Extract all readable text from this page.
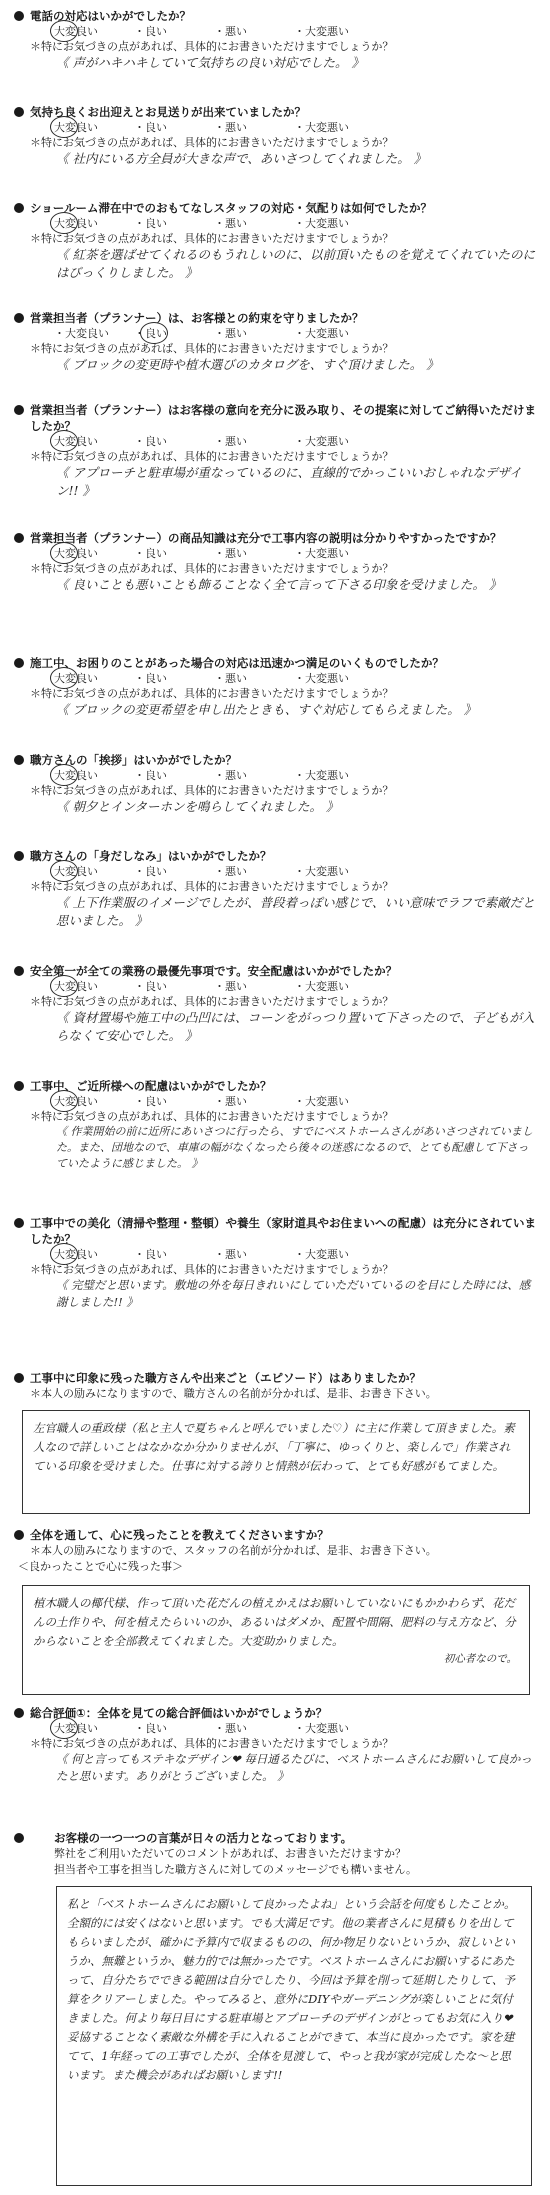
電話の対応はいかがでしたか？
大変良い	・良い	・悪い	・大変悪い
＊特にお気づきの点があれば、具体的にお書きいただけますでしょうか？
《 声がハキハキしていて気持ちの良い対応でした。 》
気持ち良くお出迎えとお見送りが出来ていましたか？
大変良い	・良い	・悪い	・大変悪い
＊特にお気づきの点があれば、具体的にお書きいただけますでしょうか？
《 社内にいる方全員が大きな声で、あいさつしてくれました。 》
ショールーム滞在中でのおもてなしスタッフの対応・気配りは如何でしたか？
大変良い	・良い	・悪い	・大変悪い
＊特にお気づきの点があれば、具体的にお書きいただけますでしょうか？
《 紅茶を選ばせてくれるのもうれしいのに、以前頂いたものを覚えてくれていたのにはびっくりしました。 》
営業担当者（プランナー）は、お客様との約束を守りましたか？
・大変良い	・良い	・悪い	・大変悪い
＊特にお気づきの点があれば、具体的にお書きいただけますでしょうか？
《 ブロックの変更時や植木選びのカタログを、すぐ頂けました。 》
営業担当者（プランナー）はお客様の意向を充分に汲み取り、その提案に対してご納得いただけましたか？
大変良い	・良い	・悪い	・大変悪い
＊特にお気づきの点があれば、具体的にお書きいただけますでしょうか？
《 アプローチと駐車場が重なっているのに、直線的でかっこいいおしゃれなデザイン!! 》
営業担当者（プランナー）の商品知識は充分で工事内容の説明は分かりやすかったですか？
大変良い	・良い	・悪い	・大変悪い
＊特にお気づきの点があれば、具体的にお書きいただけますでしょうか？
《 良いことも悪いことも飾ることなく全て言って下さる印象を受けました。 》
施工中、お困りのことがあった場合の対応は迅速かつ満足のいくものでしたか？
大変良い	・良い	・悪い	・大変悪い
＊特にお気づきの点があれば、具体的にお書きいただけますでしょうか？
《 ブロックの変更希望を申し出たときも、すぐ対応してもらえました。 》
職方さんの「挨拶」はいかがでしたか？
大変良い	・良い	・悪い	・大変悪い
＊特にお気づきの点があれば、具体的にお書きいただけますでしょうか？
《 朝夕とインターホンを鳴らしてくれました。 》
職方さんの「身だしなみ」はいかがでしたか？
大変良い	・良い	・悪い	・大変悪い
＊特にお気づきの点があれば、具体的にお書きいただけますでしょうか？
《 上下作業服のイメージでしたが、普段着っぽい感じで、いい意味でラフで素敵だと思いました。 》
安全第一が全ての業務の最優先事項です。安全配慮はいかがでしたか？
大変良い	・良い	・悪い	・大変悪い
＊特にお気づきの点があれば、具体的にお書きいただけますでしょうか？
《 資材置場や施工中の凸凹には、コーンをがっつり置いて下さったので、子どもが入らなくて安心でした。 》
工事中、ご近所様への配慮はいかがでしたか？
大変良い	・良い	・悪い	・大変悪い
＊特にお気づきの点があれば、具体的にお書きいただけますでしょうか？
《 作業開始の前に近所にあいさつに行ったら、すでにベストホームさんがあいさつされていました。また、団地なので、車庫の幅がなくなったら後々の迷惑になるので、とても配慮して下さっていたように感じました。 》
工事中での美化（清掃や整理・整頓）や養生（家財道具やお住まいへの配慮）は充分にされていましたか？
大変良い	・良い	・悪い	・大変悪い
＊特にお気づきの点があれば、具体的にお書きいただけますでしょうか？
《 完璧だと思います。敷地の外を毎日きれいにしていただいているのを目にした時には、感謝しました!! 》
工事中に印象に残った職方さんや出来ごと（エピソード）はありましたか？
＊本人の励みになりますので、職方さんの名前が分かれば、是非、お書き下さい。
左官職人の重政様（私と主人で夏ちゃんと呼んでいました♡）に主に作業して頂きました。素人なので詳しいことはなかなか分かりませんが、「丁寧に、ゆっくりと、楽しんで」作業されている印象を受けました。仕事に対する誇りと情熱が伝わって、とても好感がもてました。
全体を通して、心に残ったことを教えてくださいますか？
＊本人の励みになりますので、スタッフの名前が分かれば、是非、お書き下さい。
＜良かったことで心に残った事＞
植木職人の椰代様、作って頂いた花だんの植えかえはお願いしていないにもかかわらず、花だんの土作りや、何を植えたらいいのか、あるいはダメか、配置や間隔、肥料の与え方など、分からないことを全部教えてくれました。大変助かりました。
初心者なので。
総合評価①：全体を見ての総合評価はいかがでしょうか？
大変良い	・良い	・悪い	・大変悪い
＊特にお気づきの点があれば、具体的にお書きいただけますでしょうか？
《 何と言ってもステキなデザイン❤ 毎日通るたびに、ベストホームさんにお願いして良かったと思います。ありがとうございました。 》
お客様の一つ一つの言葉が日々の活力となっております。
弊社をご利用いただいてのコメントがあれば、お書きいただけますか？
担当者や工事を担当した職方さんに対してのメッセージでも構いません。
私と「ベストホームさんにお願いして良かったよね」という会話を何度もしたことか。全額的には安くはないと思います。でも大満足です。他の業者さんに見積もりを出してもらいましたが、確かに予算内で収まるものの、何か物足りないというか、寂しいというか、無難というか、魅力的では無かったです。ベストホームさんにお願いするにあたって、自分たちでできる範囲は自分でしたり、今回は予算を削って延期したりして、予算をクリアーしました。やってみると、意外にDIYやガーデニングが楽しいことに気付きました。何より毎日目にする駐車場とアプローチのデザインがとってもお気に入り❤ 妥協することなく素敵な外構を手に入れることができて、本当に良かったです。家を建てて、1年経っての工事でしたが、全体を見渡して、やっと我が家が完成したな～と思います。また機会があればお願いします!!
